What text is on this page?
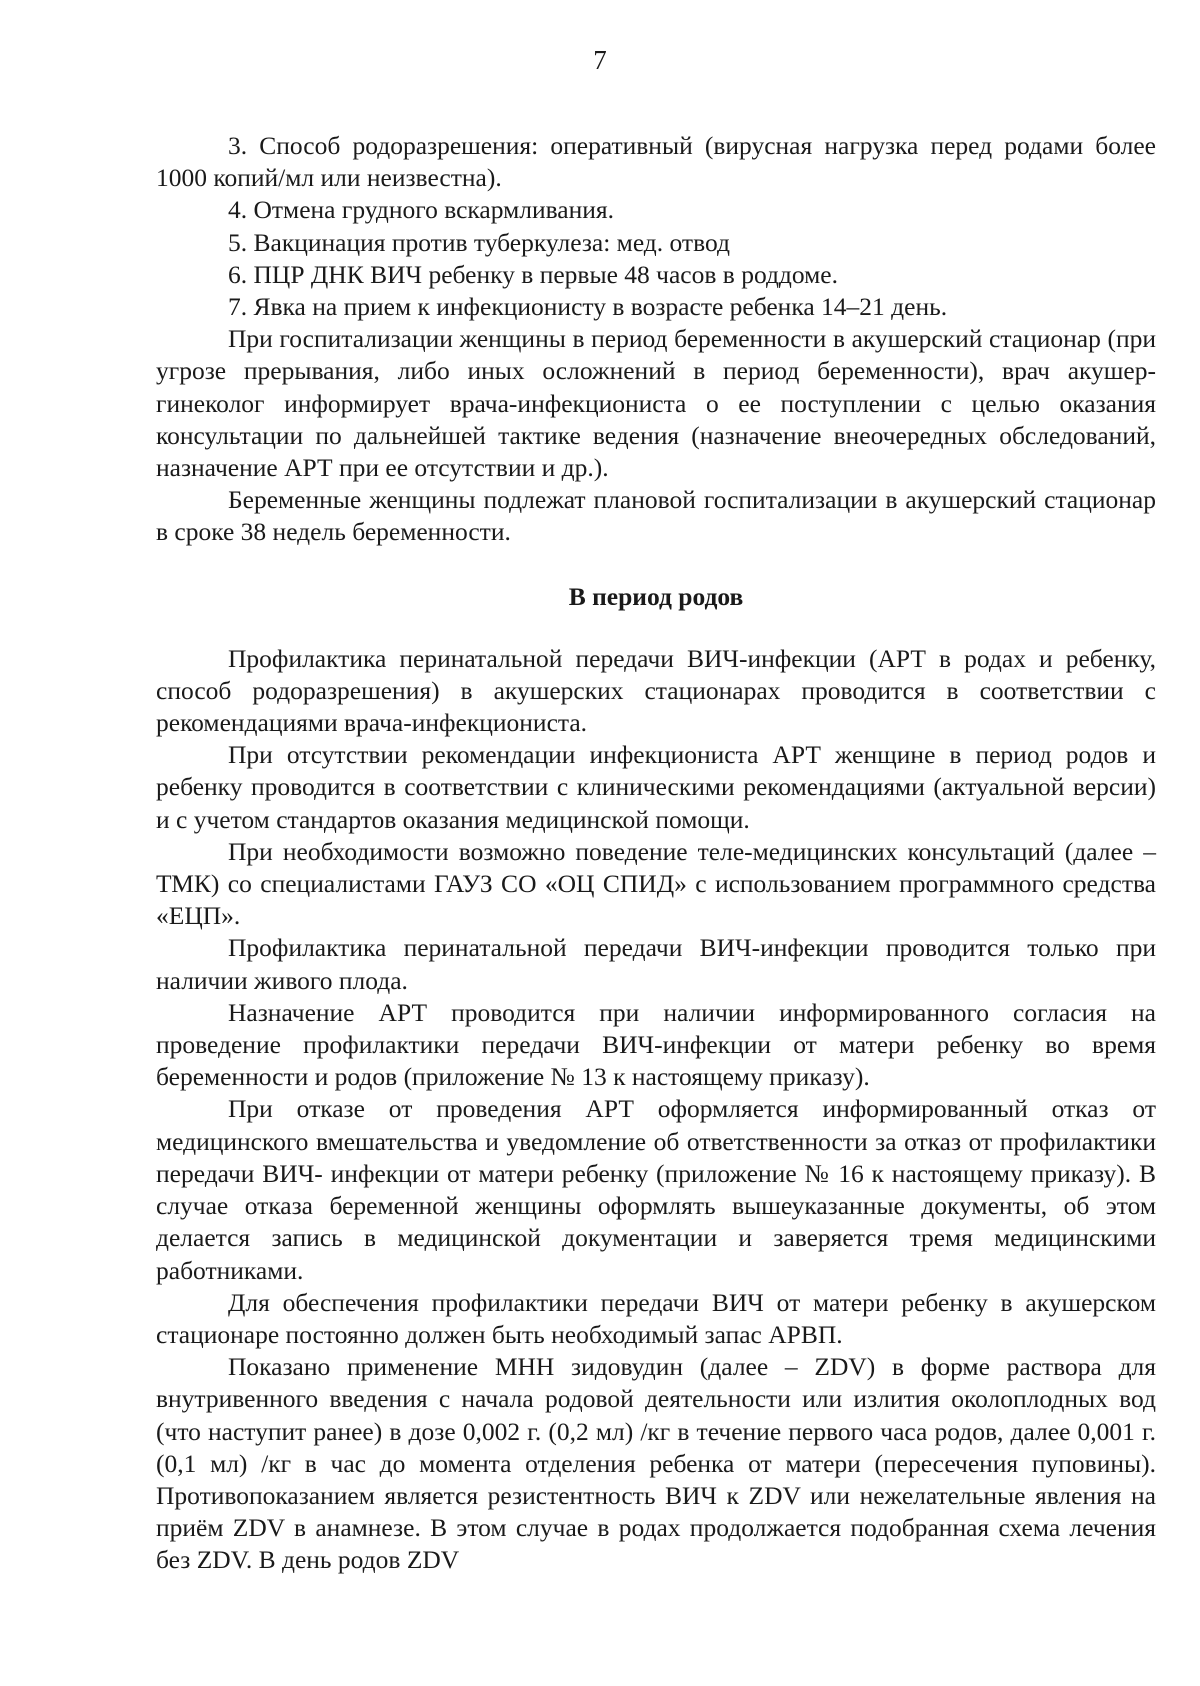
7

3. Способ родоразрешения: оперативный (вирусная нагрузка перед родами более 1000 копий/мл или неизвестна).

4. Отмена грудного вскармливания.

5. Вакцинация против туберкулеза: мед. отвод

6. ПЦР ДНК ВИЧ ребенку в первые 48 часов в роддоме.

7. Явка на прием к инфекционисту в возрасте ребенка 14–21 день.

При госпитализации женщины в период беременности в акушерский стационар (при угрозе прерывания, либо иных осложнений в период беременности), врач акушер-гинеколог информирует врача-инфекциониста о ее поступлении с целью оказания консультации по дальнейшей тактике ведения (назначение внеочередных обследований, назначение АРТ при ее отсутствии и др.).

Беременные женщины подлежат плановой госпитализации в акушерский стационар в сроке 38 недель беременности.

В период родов

Профилактика перинатальной передачи ВИЧ-инфекции (АРТ в родах и ребенку, способ родоразрешения) в акушерских стационарах проводится в соответствии с рекомендациями врача-инфекциониста.

При отсутствии рекомендации инфекциониста АРТ женщине в период родов и ребенку проводится в соответствии с клиническими рекомендациями (актуальной версии) и с учетом стандартов оказания медицинской помощи.

При необходимости возможно поведение теле-медицинских консультаций (далее – ТМК) со специалистами ГАУЗ СО «ОЦ СПИД» с использованием программного средства «ЕЦП».

Профилактика перинатальной передачи ВИЧ-инфекции проводится только при наличии живого плода.

Назначение АРТ проводится при наличии информированного согласия на проведение профилактики передачи ВИЧ-инфекции от матери ребенку во время беременности и родов (приложение № 13 к настоящему приказу).

При отказе от проведения АРТ оформляется информированный отказ от медицинского вмешательства и уведомление об ответственности за отказ от профилактики передачи ВИЧ- инфекции от матери ребенку (приложение № 16 к настоящему приказу). В случае отказа беременной женщины оформлять вышеуказанные документы, об этом делается запись в медицинской документации и заверяется тремя медицинскими работниками.

Для обеспечения профилактики передачи ВИЧ от матери ребенку в акушерском стационаре постоянно должен быть необходимый запас АРВП.

Показано применение МНН зидовудин (далее – ZDV) в форме раствора для внутривенного введения с начала родовой деятельности или излития околоплодных вод (что наступит ранее) в дозе 0,002 г. (0,2 мл) /кг в течение первого часа родов, далее 0,001 г. (0,1 мл) /кг в час до момента отделения ребенка от матери (пересечения пуповины). Противопоказанием является резистентность ВИЧ к ZDV или нежелательные явления на приём ZDV в анамнезе. В этом случае в родах продолжается подобранная схема лечения без ZDV. В день родов ZDV
